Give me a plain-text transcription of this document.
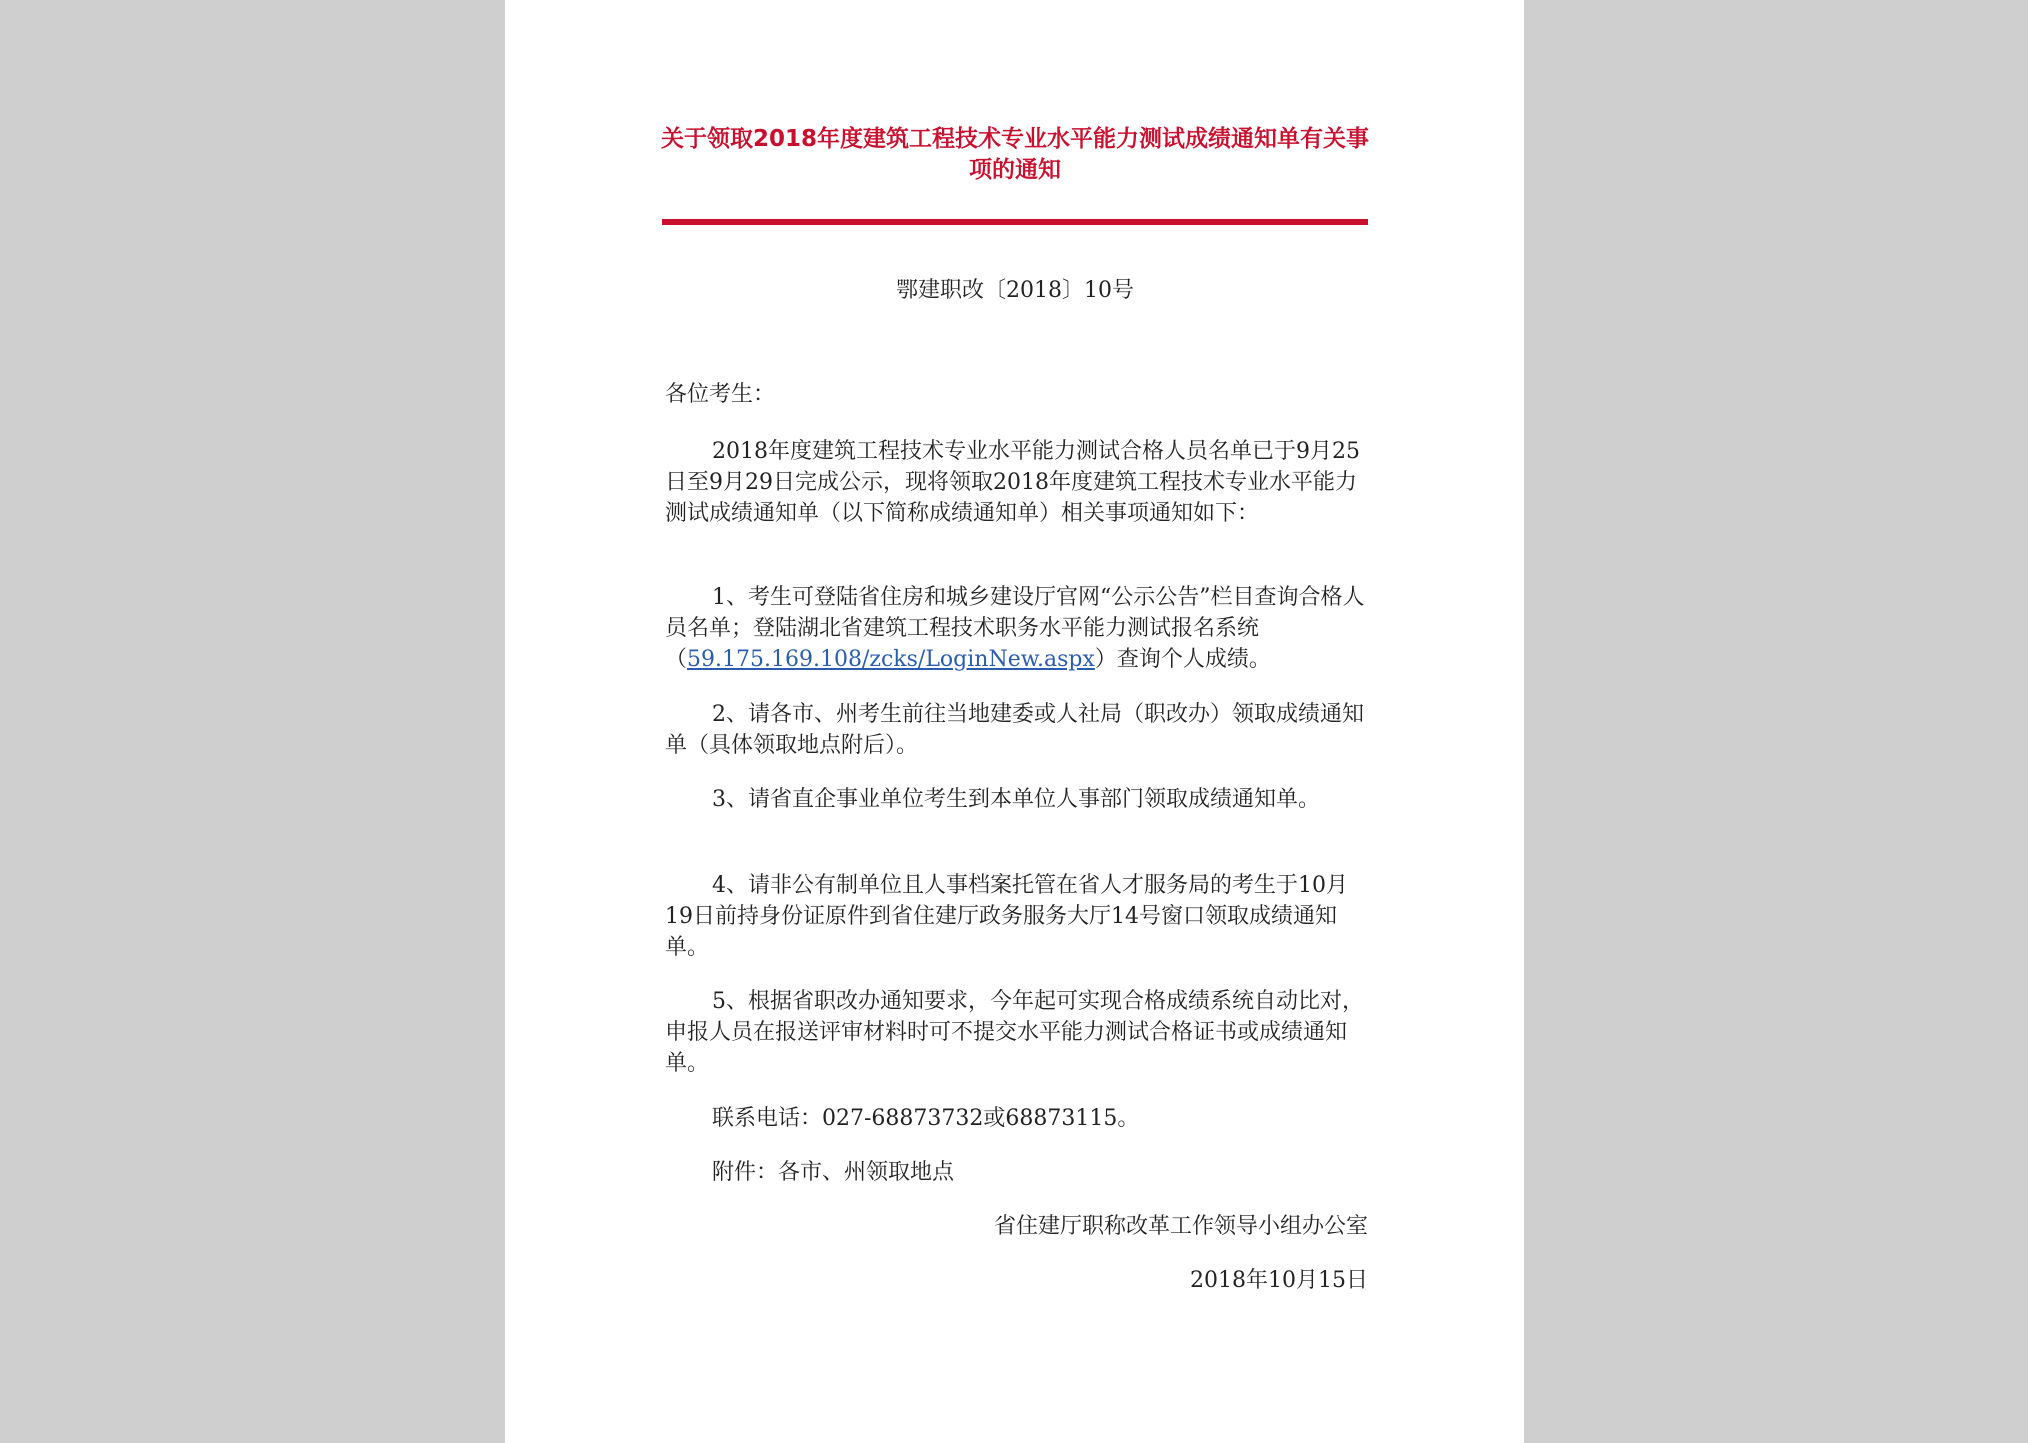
关于领取2018年度建筑工程技术专业水平能力测试成绩通知单有关事项的通知
鄂建职改〔2018〕10号

各位考生：

2018年度建筑工程技术专业水平能力测试合格人员名单已于9月25日至9月29日完成公示，现将领取2018年度建筑工程技术专业水平能力测试成绩通知单（以下简称成绩通知单）相关事项通知如下：

1、考生可登陆省住房和城乡建设厅官网“公示公告”栏目查询合格人员名单；登陆湖北省建筑工程技术职务水平能力测试报名系统（59.175.169.108/zcks/LoginNew.aspx）查询个人成绩。

2、请各市、州考生前往当地建委或人社局（职改办）领取成绩通知单（具体领取地点附后）。

3、请省直企事业单位考生到本单位人事部门领取成绩通知单。

4、请非公有制单位且人事档案托管在省人才服务局的考生于10月19日前持身份证原件到省住建厅政务服务大厅14号窗口领取成绩通知单。

5、根据省职改办通知要求，今年起可实现合格成绩系统自动比对，申报人员在报送评审材料时可不提交水平能力测试合格证书或成绩通知单。

联系电话：027-68873732或68873115。

附件：各市、州领取地点

省住建厅职称改革工作领导小组办公室

2018年10月15日
